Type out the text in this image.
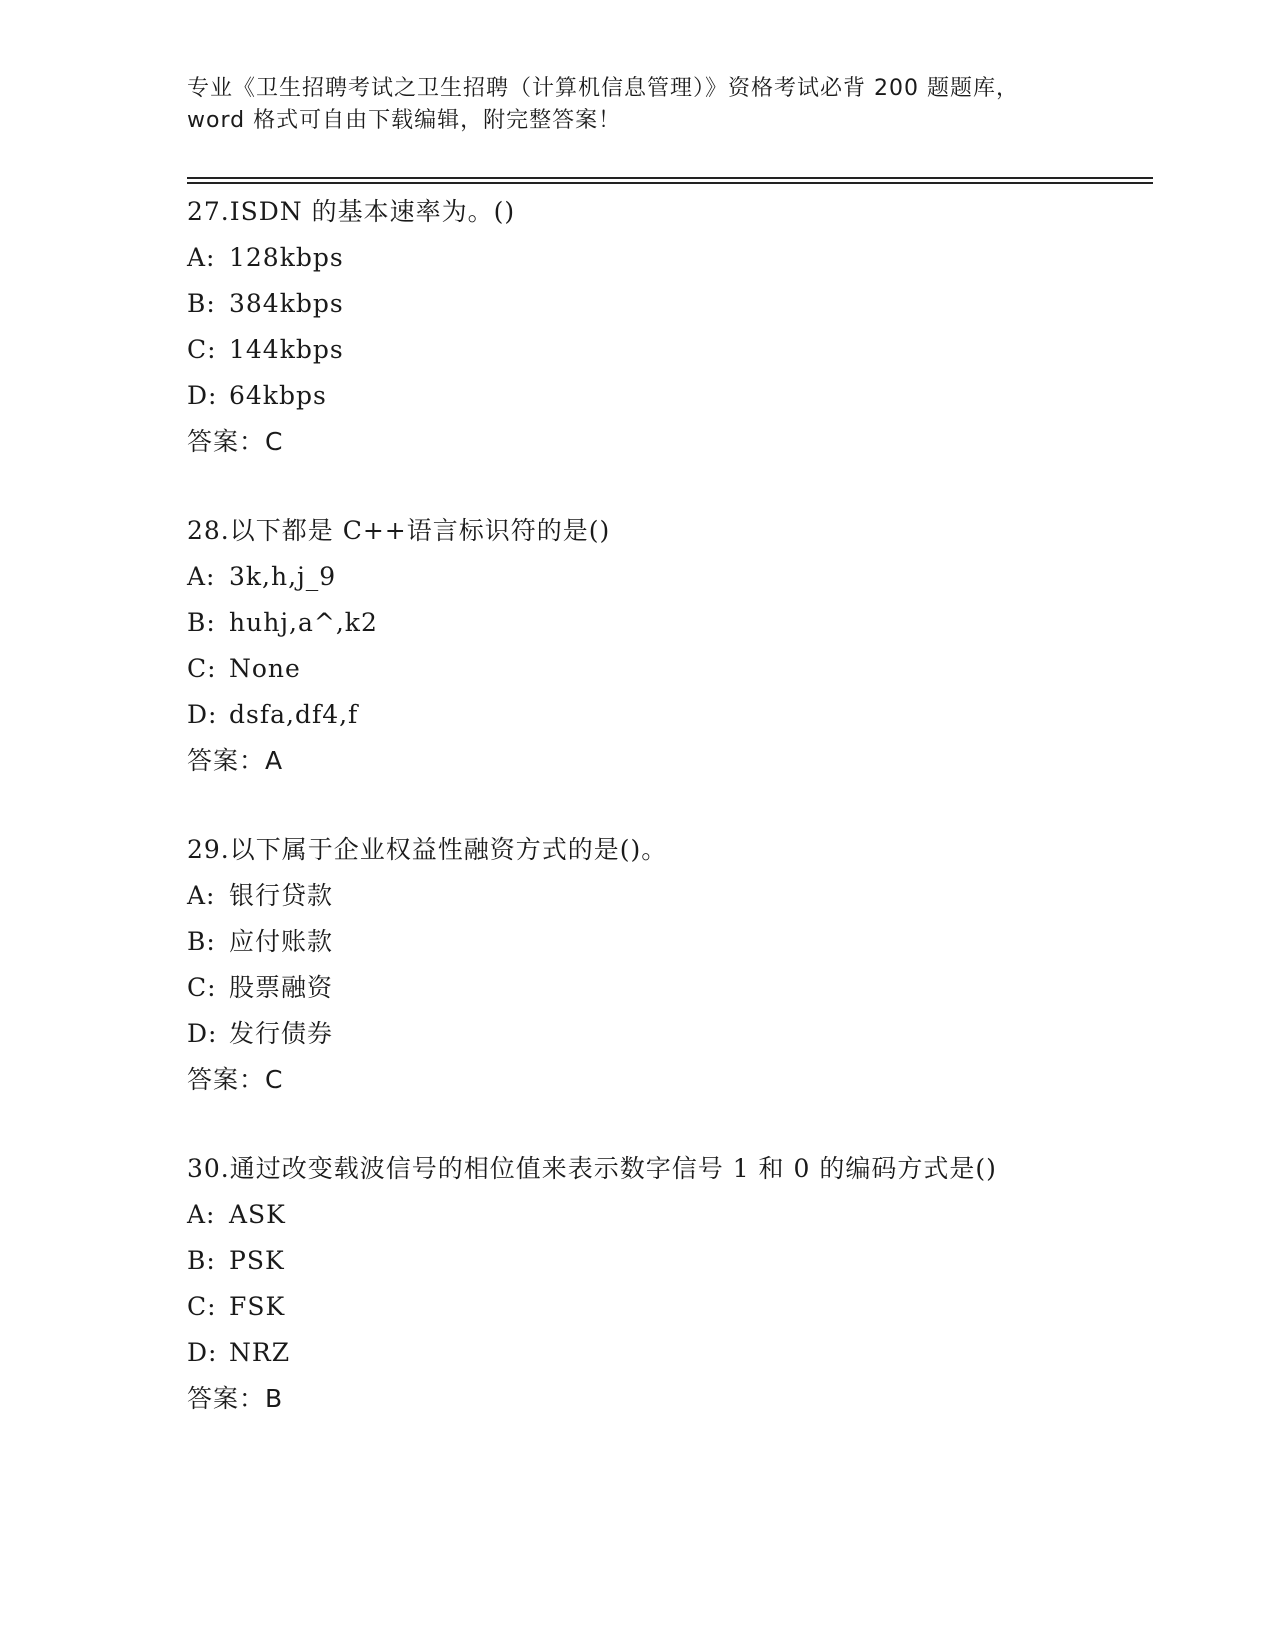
专业《卫生招聘考试之卫生招聘（计算机信息管理）》资格考试必背 200 题题库，
word 格式可自由下载编辑，附完整答案！
27.ISDN 的基本速率为。()
A: 128kbps
B: 384kbps
C: 144kbps
D: 64kbps
答案：C
28.以下都是 C++语言标识符的是()
A: 3k,h,j_9
B: huhj,a^,k2
C: None
D: dsfa,df4,f
答案：A
29.以下属于企业权益性融资方式的是()。
A: 银行贷款
B: 应付账款
C: 股票融资
D: 发行债券
答案：C
30.通过改变载波信号的相位值来表示数字信号 1 和 0 的编码方式是()
A: ASK
B: PSK
C: FSK
D: NRZ
答案：B
